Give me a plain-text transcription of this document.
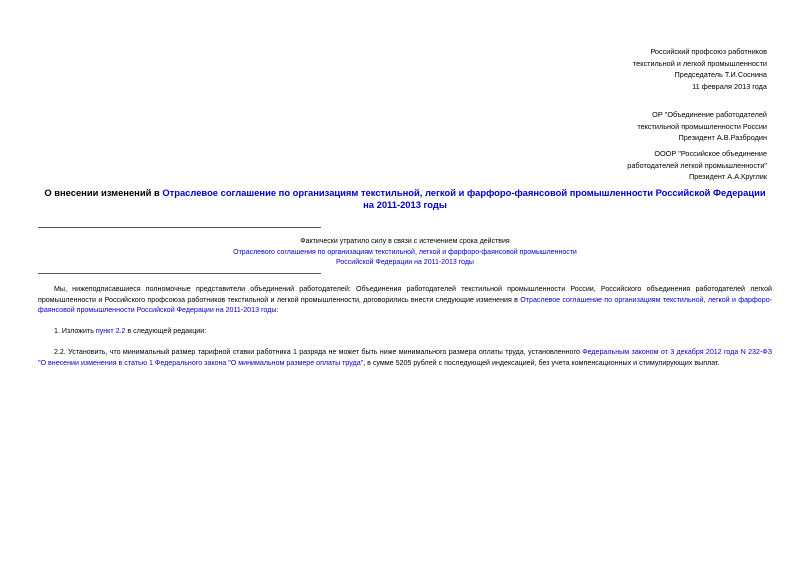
Российский профсоюз работников
текстильной и легкой промышленности
Председатель Т.И.Соснина
11 февраля 2013 года
ОР "Объединение работодателей
текстильной промышленности России
Президент А.В.Разбродин
ОООР "Российское объединение
работодателей легкой промышленности"
Президент А.А.Круглик
О внесении изменений в Отраслевое соглашение по организациям текстильной, легкой и фарфоро-фаянсовой промышленности Российской Федерации на 2011-2013 годы
Фактически утратило силу в связи с истечением срока действия
Отраслевого соглашения по организациям текстильной, легкой и фарфоро-фаянсовой промышленности
Российской Федерации на 2011-2013 годы
Мы, нижеподписавшиеся полномочные представители объединений работодателей: Объединения работодателей текстильной промышленности России, Российского объединения работодателей легкой промышленности и Российского профсоюза работников текстильной и легкой промышленности, договорились внести следующие изменения в Отраслевое соглашение по организациям текстильной, легкой и фарфоро-фаянсовой промышленности Российской Федерации на 2011-2013 годы:
1. Изложить пункт 2.2 в следующей редакции:
2.2. Установить, что минимальный размер тарифной ставки работника 1 разряда не может быть ниже минимального размера оплаты труда, установленного Федеральным законом от 3 декабря 2012 года N 232-ФЗ "О внесении изменения в статью 1 Федерального закона "О минимальном размере оплаты труда", в сумме 5205 рублей с последующей индексацией, без учета компенсационных и стимулирующих выплат.
